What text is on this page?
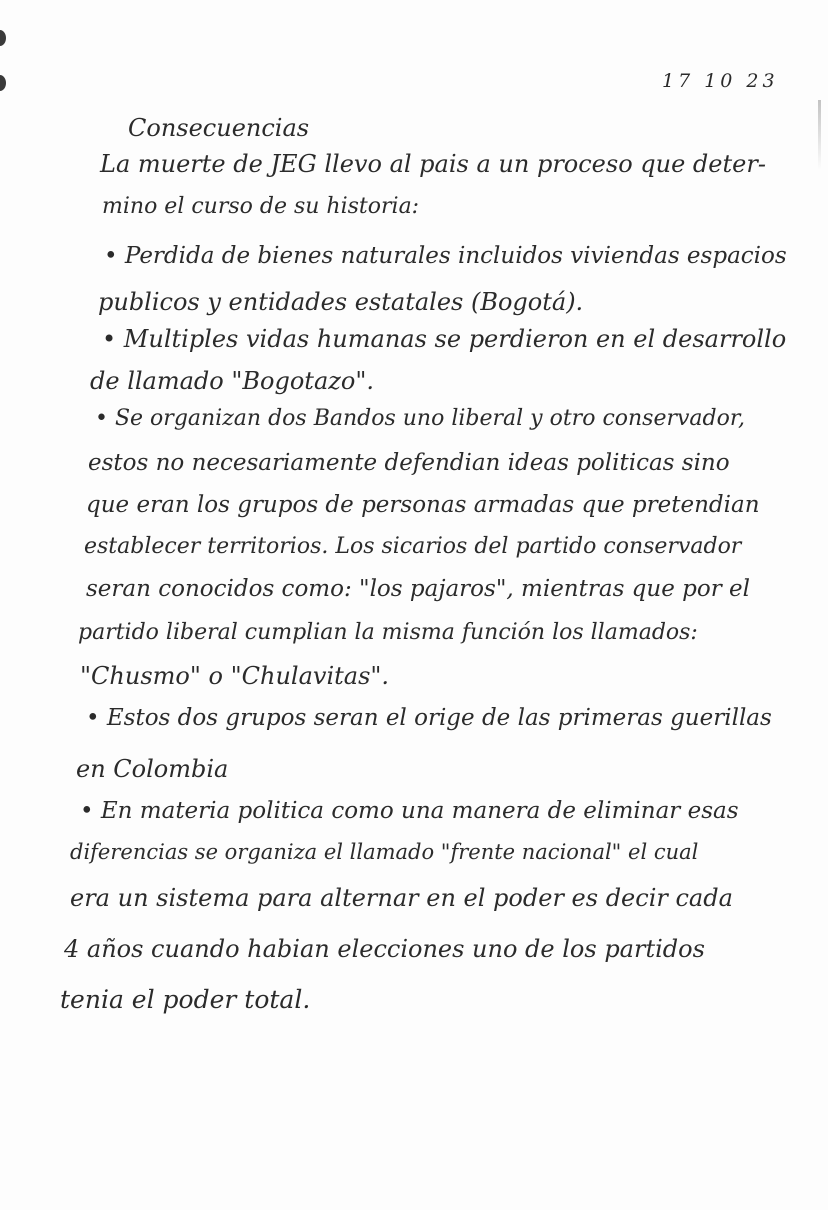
17 10 23
Consecuencias
La muerte de JEG llevo al pais a un proceso que deter-
mino el curso de su historia:
• Perdida de bienes naturales incluidos viviendas espacios
publicos y entidades estatales (Bogotá).
• Multiples vidas humanas se perdieron en el desarrollo
de llamado "Bogotazo".
• Se organizan dos Bandos uno liberal y otro conservador,
estos no necesariamente defendian ideas politicas sino
que eran los grupos de personas armadas que pretendian
establecer territorios. Los sicarios del partido conservador
seran conocidos como: "los pajaros", mientras que por el
partido liberal cumplian la misma función los llamados:
"Chusmo" o "Chulavitas".
• Estos dos grupos seran el orige de las primeras guerillas
en Colombia
• En materia politica como una manera de eliminar esas
diferencias se organiza el llamado "frente nacional" el cual
era un sistema para alternar en el poder es decir cada
4 años cuando habian elecciones uno de los partidos
tenia el poder total.
